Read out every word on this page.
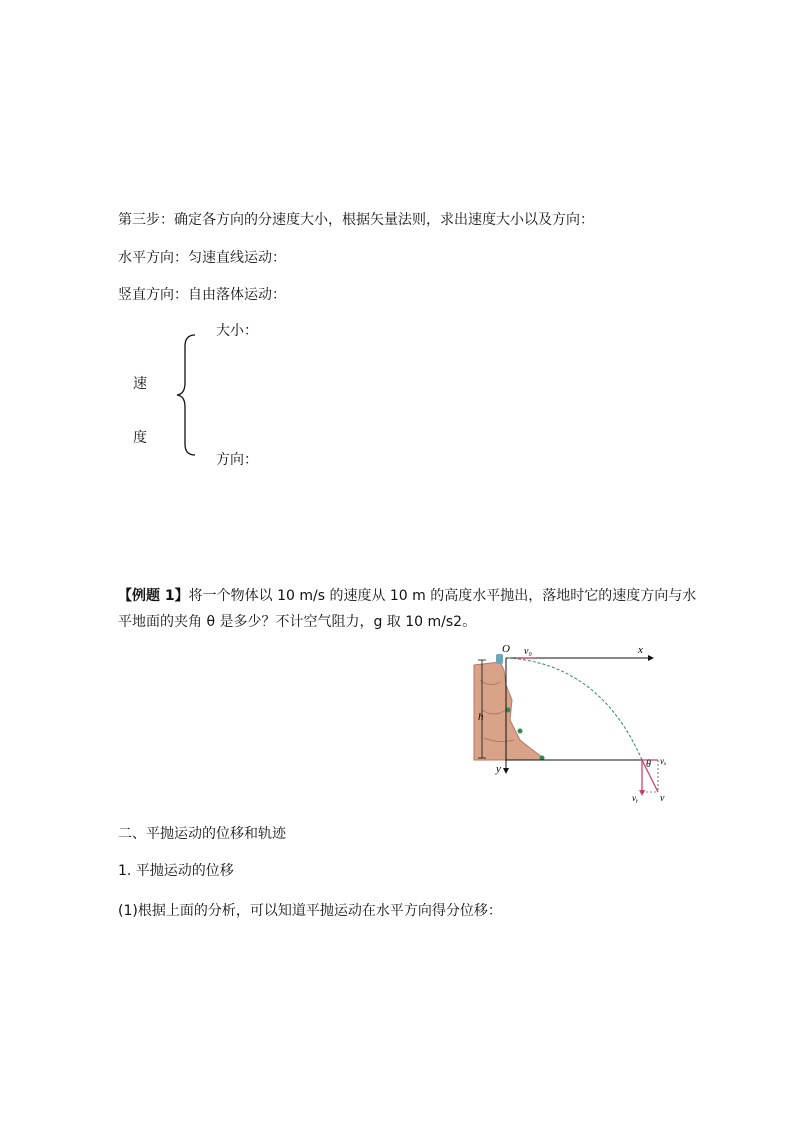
第三步：确定各方向的分速度大小，根据矢量法则，求出速度大小以及方向：
水平方向：匀速直线运动：
竖直方向：自由落体运动：
大小：
速
度
方向：
【例题 1】将一个物体以 10 m/s 的速度从 10 m 的高度水平抛出，落地时它的速度方向与水
平地面的夹角 θ 是多少？不计空气阻力，g 取 10 m/s2。
h
O v₀	x
y	θ vₓ
vᵧ v
二、平抛运动的位移和轨迹
1. 平抛运动的位移
(1)根据上面的分析，可以知道平抛运动在水平方向得分位移：
